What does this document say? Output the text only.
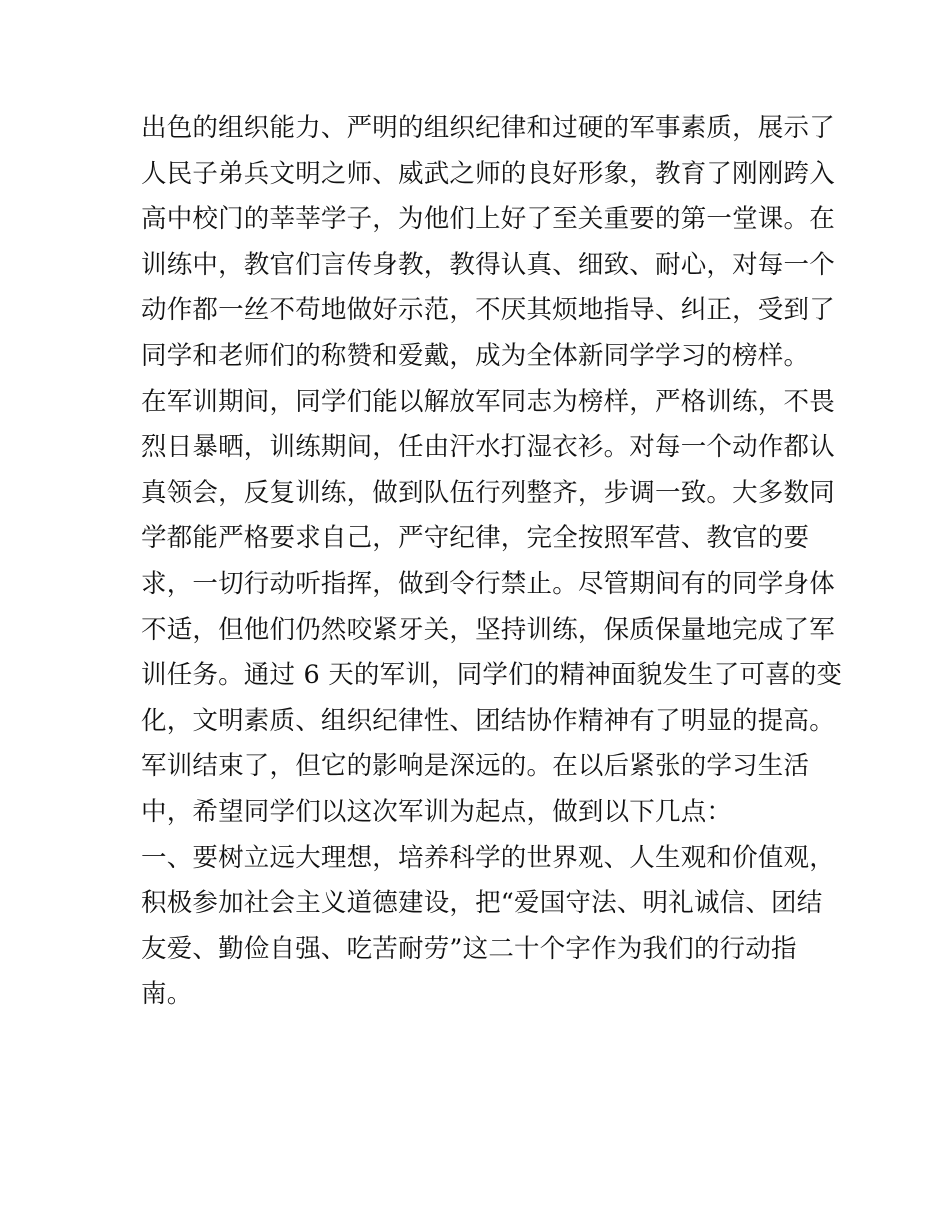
出色的组织能力、严明的组织纪律和过硬的军事素质，展示了
人民子弟兵文明之师、威武之师的良好形象，教育了刚刚跨入
高中校门的莘莘学子，为他们上好了至关重要的第一堂课。在
训练中，教官们言传身教，教得认真、细致、耐心，对每一个
动作都一丝不苟地做好示范，不厌其烦地指导、纠正，受到了
同学和老师们的称赞和爱戴，成为全体新同学学习的榜样。
在军训期间，同学们能以解放军同志为榜样，严格训练，不畏
烈日暴晒，训练期间，任由汗水打湿衣衫。对每一个动作都认
真领会，反复训练，做到队伍行列整齐，步调一致。大多数同
学都能严格要求自己，严守纪律，完全按照军营、教官的要
求，一切行动听指挥，做到令行禁止。尽管期间有的同学身体
不适，但他们仍然咬紧牙关，坚持训练，保质保量地完成了军
训任务。通过 6 天的军训，同学们的精神面貌发生了可喜的变
化，文明素质、组织纪律性、团结协作精神有了明显的提高。
军训结束了，但它的影响是深远的。在以后紧张的学习生活
中，希望同学们以这次军训为起点，做到以下几点：
一、要树立远大理想，培养科学的世界观、人生观和价值观，
积极参加社会主义道德建设，把“爱国守法、明礼诚信、团结
友爱、勤俭自强、吃苦耐劳”这二十个字作为我们的行动指
南。
